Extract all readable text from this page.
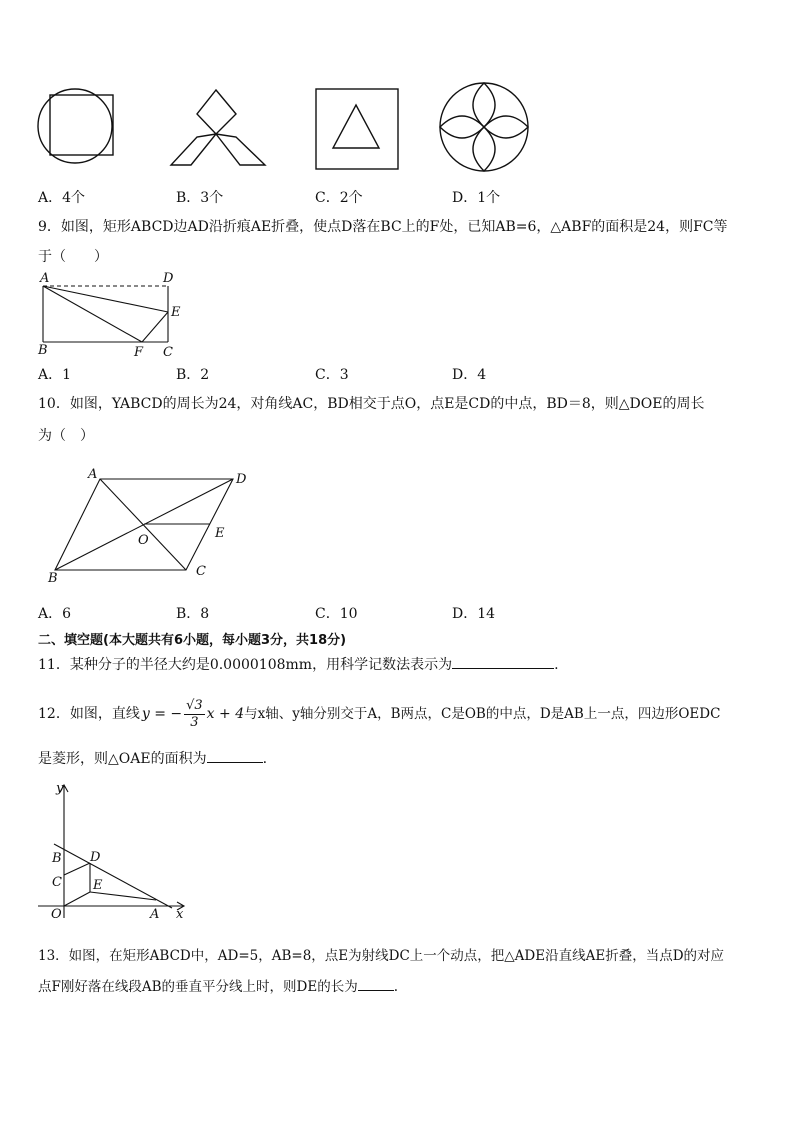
A．4个	B．3个	C．2个	D．1个
9．如图，矩形ABCD边AD沿折痕AE折叠，使点D落在BC上的F处，已知AB=6，△ABF的面积是24，则FC等
于（　　）
A	D
E
B	F C
A．1	B．2	C．3	D．4
10．如图，YABCD的周长为24，对角线AC，BD相交于点O，点E是CD的中点，BD＝8，则△DOE的周长
为（　）
A	D
E
O
B	C
A．6	B．8	C．10	D．14
二、填空题(本大题共有6小题，每小题3分，共18分)
11．某种分子的半径大约是0.0000108mm，用科学记数法表示为	.
12．如图，直线 y = − $\frac{√3}{3}$ x + 4 与x轴、y轴分别交于A，B两点，C是OB的中点，D是AB上一点，四边形OEDC
是菱形，则△OAE的面积为	.
y
B D
C E
O	A x
13．如图，在矩形ABCD中，AD=5，AB=8，点E为射线DC上一个动点，把△ADE沿直线AE折叠，当点D的对应
点F刚好落在线段AB的垂直平分线上时，则DE的长为	.
